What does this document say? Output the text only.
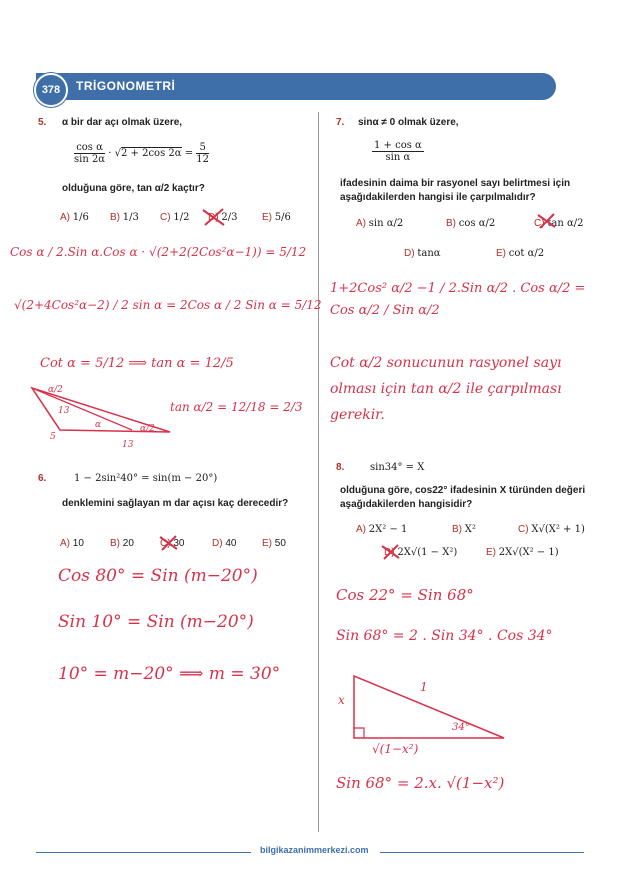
378	TRİGONOMETRİ
5. α bir dar açı olmak üzere,
$\frac{\text{cos α}}{\sin 2\alpha} \cdot √2 + 2\cos$ $2\alpha = \frac{5}{12}$
olduğuna göre, tan α/2 kaçtır?
A) 1/6 B) 1/3 C) 1/2 D) 2/3 E) 5/6
Cos α / 2.Sin α.Cos α · √(2+2(2Cos²α−1)) = 5/12
√(2+4Cos²α−2) / 2 sin α = 2Cos α / 2 Sin α = 5/12
Cot α = 5/12 ⟹ tan α = 12/5
tan α/2 = 12/18 = 2/3
α/2
13
α
5
13
α/2
6.	1 − 2sin²40° = sin(m − 20°)
denklemini sağlayan m dar açısı kaç derecedir?
A) 10	B) 20	C) 30	D) 40	E) 50
Cos 80° = Sin (m−20°)
Sin 10° = Sin (m−20°)
10° = m−20° ⟹ m = 30°
7. sinα ≠ 0 olmak üzere,
$\frac{\text{1 + cos α}}{\text{sin α}}$
ifadesinin daima bir rasyonel sayı belirtmesi için aşağıdakilerden hangisi ile çarpılmalıdır?
A) sin α/2	B) cos α/2	C) tan α/2
D) tanα	E) cot α/2
1+2Cos² α/2 −1 / 2.Sin α/2 . Cos α/2 = Cos α/2 / Sin α/2
Cot α/2 sonucunun rasyonel sayı olması için tan α/2 ile çarpılması gerekir.
8.	sin34° = X
olduğuna göre, cos22° ifadesinin X türünden değeri aşağıdakilerden hangisidir?
A) 2X² − 1	B) X²	C) X√(X² + 1)
D) 2X√(1 − X²)	E) 2X√(X² − 1)
Cos 22° = Sin 68°
Sin 68° = 2 . Sin 34° . Cos 34°
x
1
34°
√(1−x²)
Sin 68° = 2.x. √(1−x²)
bilgikazanimmerkezi.com
